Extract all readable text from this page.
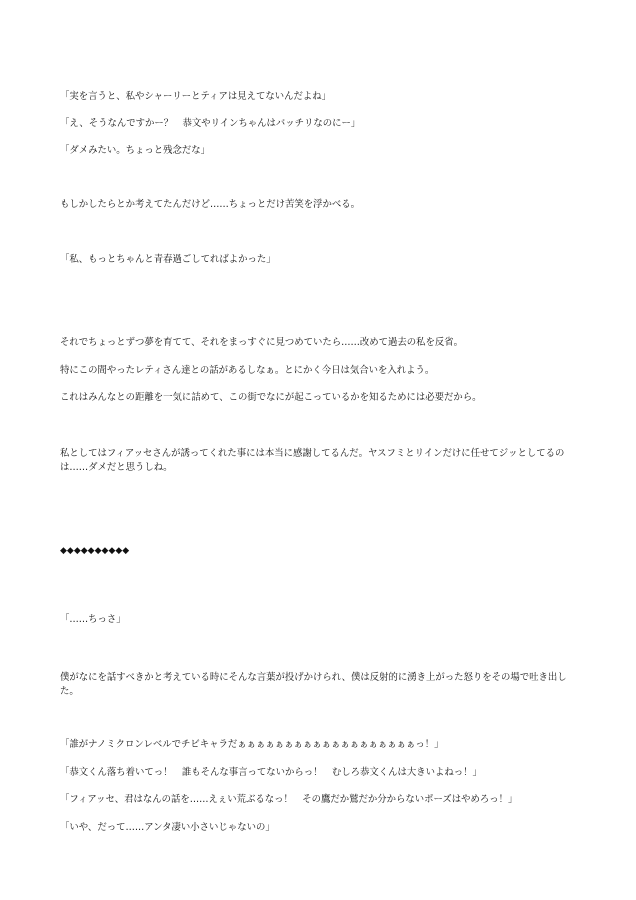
「実を言うと、私やシャーリーとティアは見えてないんだよね」

「え、そうなんですかー？　恭文やリインちゃんはバッチリなのにー」

「ダメみたい。ちょっと残念だな」

もしかしたらとか考えてたんだけど……ちょっとだけ苦笑を浮かべる。

「私、もっとちゃんと青春過ごしてればよかった」

それでちょっとずつ夢を育てて、それをまっすぐに見つめていたら……改めて過去の私を反省。

特にこの間やったレティさん達との話があるしなぁ。とにかく今日は気合いを入れよう。

これはみんなとの距離を一気に詰めて、この街でなにが起こっているかを知るためには必要だから。

私としてはフィアッセさんが誘ってくれた事には本当に感謝してるんだ。ヤスフミとリインだけに任せてジッとしてるのは……ダメだと思うしね。

◆◆◆◆◆◆◆◆◆◆

「……ちっさ」

僕がなにを話すべきかと考えている時にそんな言葉が投げかけられ、僕は反射的に湧き上がった怒りをその場で吐き出した。

「誰がナノミクロンレベルでチビキャラだぁぁぁぁぁぁぁぁぁぁぁぁぁぁぁぁぁぁぁっ！」

「恭文くん落ち着いてっ！　誰もそんな事言ってないからっ！　むしろ恭文くんは大きいよねっ！」

「フィアッセ、君はなんの話を……えぇい荒ぶるなっ！　その鷹だか鷲だか分からないポーズはやめろっ！」

「いや、だって……アンタ凄い小さいじゃないの」
